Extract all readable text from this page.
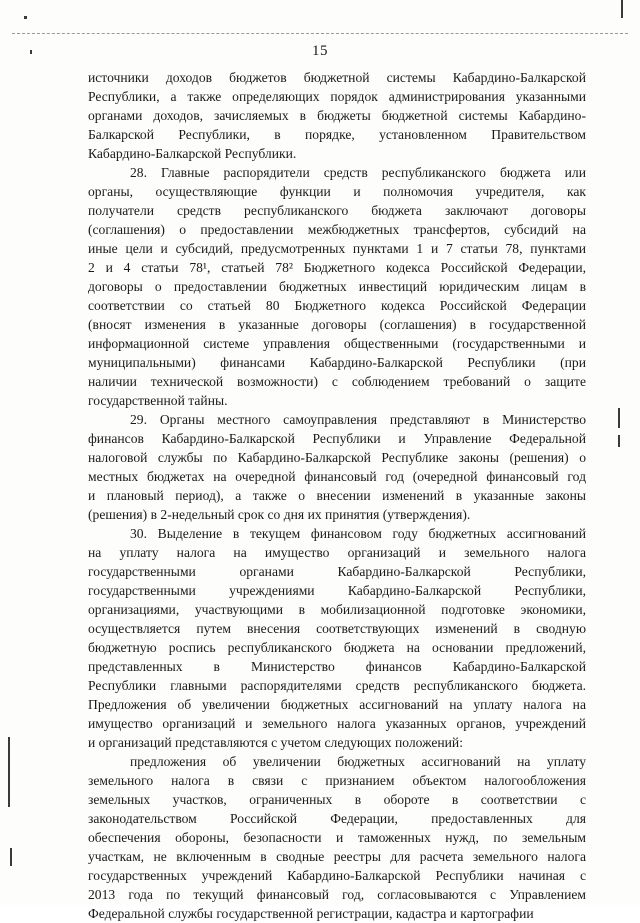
15
источники доходов бюджетов бюджетной системы Кабардино-Балкарской
Республики, а также определяющих порядок администрирования указанными
органами доходов, зачисляемых в бюджеты бюджетной системы Кабардино-
Балкарской Республики, в порядке, установленном Правительством
Кабардино-Балкарской Республики.
28. Главные распорядители средств республиканского бюджета или
органы, осуществляющие функции и полномочия учредителя, как
получатели средств республиканского бюджета заключают договоры
(соглашения) о предоставлении межбюджетных трансфертов, субсидий на
иные цели и субсидий, предусмотренных пунктами 1 и 7 статьи 78, пунктами
2 и 4 статьи 78¹, статьей 78² Бюджетного кодекса Российской Федерации,
договоры о предоставлении бюджетных инвестиций юридическим лицам в
соответствии со статьей 80 Бюджетного кодекса Российской Федерации
(вносят изменения в указанные договоры (соглашения) в государственной
информационной системе управления общественными (государственными и
муниципальными) финансами Кабардино-Балкарской Республики (при
наличии технической возможности) с соблюдением требований о защите
государственной тайны.
29. Органы местного самоуправления представляют в Министерство
финансов Кабардино-Балкарской Республики и Управление Федеральной
налоговой службы по Кабардино-Балкарской Республике законы (решения) о
местных бюджетах на очередной финансовый год (очередной финансовый год
и плановый период), а также о внесении изменений в указанные законы
(решения) в 2-недельный срок со дня их принятия (утверждения).
30. Выделение в текущем финансовом году бюджетных ассигнований
на уплату налога на имущество организаций и земельного налога
государственными органами Кабардино-Балкарской Республики,
государственными учреждениями Кабардино-Балкарской Республики,
организациями, участвующими в мобилизационной подготовке экономики,
осуществляется путем внесения соответствующих изменений в сводную
бюджетную роспись республиканского бюджета на основании предложений,
представленных в Министерство финансов Кабардино-Балкарской
Республики главными распорядителями средств республиканского бюджета.
Предложения об увеличении бюджетных ассигнований на уплату налога на
имущество организаций и земельного налога указанных органов, учреждений
и организаций представляются с учетом следующих положений:
предложения об увеличении бюджетных ассигнований на уплату
земельного налога в связи с признанием объектом налогообложения
земельных участков, ограниченных в обороте в соответствии с
законодательством Российской Федерации, предоставленных для
обеспечения обороны, безопасности и таможенных нужд, по земельным
участкам, не включенным в сводные реестры для расчета земельного налога
государственных учреждений Кабардино-Балкарской Республики начиная с
2013 года по текущий финансовый год, согласовываются с Управлением
Федеральной службы государственной регистрации, кадастра и картографии
